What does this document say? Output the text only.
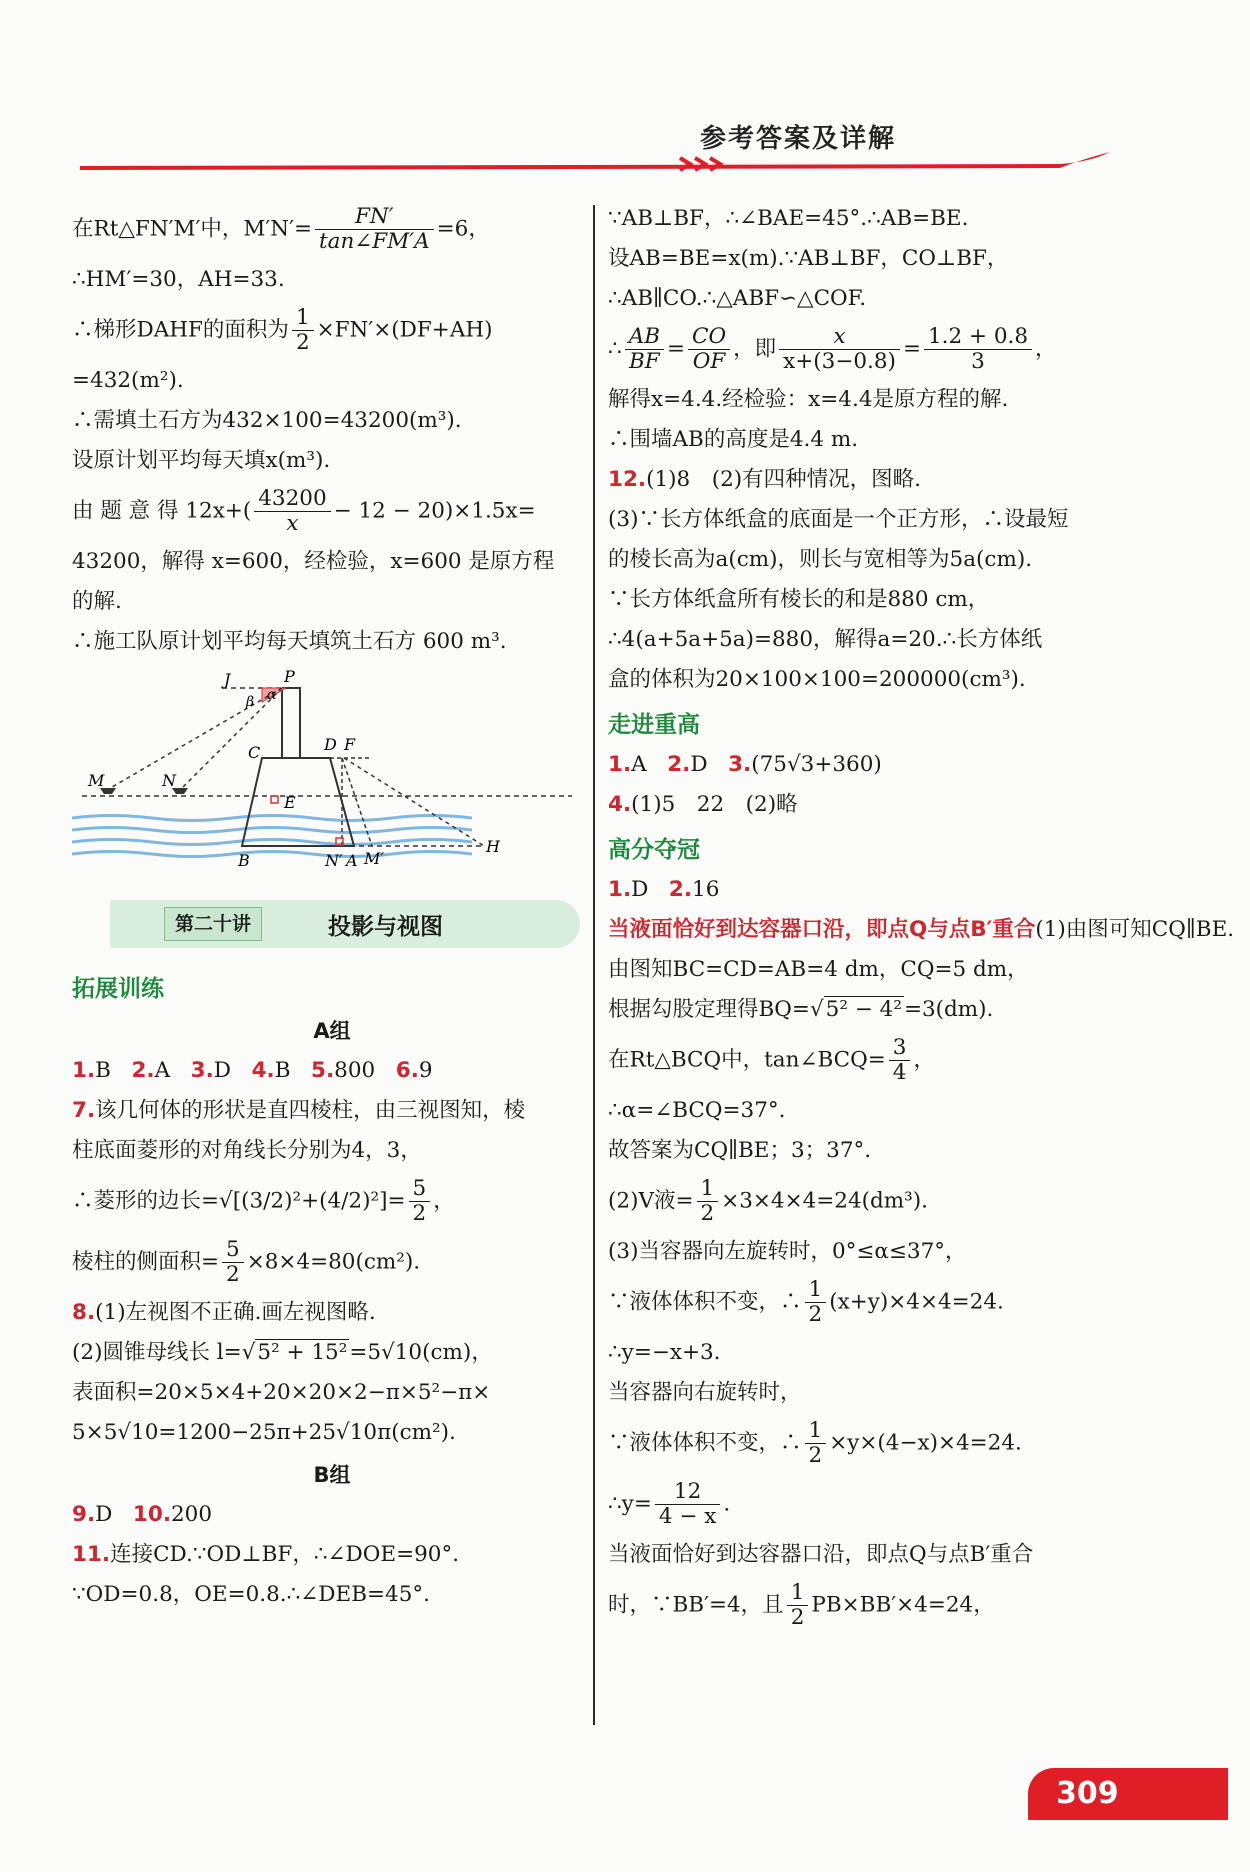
参考答案及详解
在Rt△FN′M′中，$M'N'= \frac{FN'}{\tan\angle FM'A} =6$，
∴HM′=30，AH=33.
∴梯形DAHF的面积为 $\frac{1}{2} \times FN'\times(DF+AH)$
=432(m²).
∴需填土石方为432×100=43200(m³).
设原计划平均每天填x(m³).
由 题 意 得 $12x+( \frac{43200}{x} - 12 - 20)\times 1.5x=$
43200，解得 x=600，经检验，x=600 是原方程
的解.
∴施工队原计划平均每天填筑土石方 600 m³.
J	P
α
β
C	D F
M	N
E
B	N′ A M′
H
第二十讲	投影与视图
拓展训练
A组
1.B 2.A 3.D 4.B 5.800 6.9
7.该几何体的形状是直四棱柱，由三视图知，棱
柱底面菱形的对角线长分别为4，3，
∴菱形的边长$=√[(3/2)^2+(4/2)^2]= \frac{5}{2}$ ，
棱柱的侧面积= $\frac{5}{2} \times 8\times 4=80(cm^2)$.
8.(1)左视图不正确.画左视图略.
(2)圆锥母线长 l=√5² + 15²=5√10(cm)，
表面积=20×5×4+20×20×2−π×5²−π×
5×5√10=1200−25π+25√10π(cm²).
B组
9.D 10.200
11.连接CD.∵OD⊥BF，∴∠DOE=90°.
∵OD=0.8，OE=0.8.∴∠DEB=45°.
∵AB⊥BF，∴∠BAE=45°.∴AB=BE.
设AB=BE=x(m).∵AB⊥BF，CO⊥BF，
∴AB∥CO.∴△ABF∽△COF.
∴ $\frac{AB}{BF} = \frac{CO}{OF}$ ，即 $\frac{x}{x+(3-0.8)} = \frac{1.2 + 0.8}{3}$ ，
解得x=4.4.经检验：x=4.4是原方程的解.
∴围墙AB的高度是4.4 m.
12.(1)8　(2)有四种情况，图略.
(3)∵长方体纸盒的底面是一个正方形，∴设最短
的棱长高为a(cm)，则长与宽相等为5a(cm).
∵长方体纸盒所有棱长的和是880 cm，
∴4(a+5a+5a)=880，解得a=20.∴长方体纸
盒的体积为20×100×100=200000(cm³).
走进重高
1.A 2.D 3.(75√3+360)
4.(1)5　22　(2)略
高分夺冠
1.D 2.16
当液面恰好到达容器口沿，即点Q与点B′重合(1)由图可知CQ∥BE.
由图知BC=CD=AB=4 dm，CQ=5 dm，
根据勾股定理得BQ=√5² − 4²=3(dm).
在Rt△BCQ中，tan∠BCQ= $\frac{3}{4}$ ，
∴α=∠BCQ=37°.
故答案为CQ∥BE；3；37°.
(2)V液= $\frac{1}{2} \times 3\times 4\times 4=24(dm^3)$.
(3)当容器向左旋转时，0°≤α≤37°，
∵液体体积不变，∴ $\frac{1}{2} (x+y)\times 4\times 4=24$.
∴y=−x+3.
当容器向右旋转时，
∵液体体积不变，∴ $\frac{1}{2} \times y\times(4-x)\times 4=24$.
∴y= $\frac{12}{4 - x}$ .
当液面恰好到达容器口沿，即点Q与点B′重合
时，∵BB′=4，且 $\frac{1}{2} PB\times BB'\times 4=24$，
309
